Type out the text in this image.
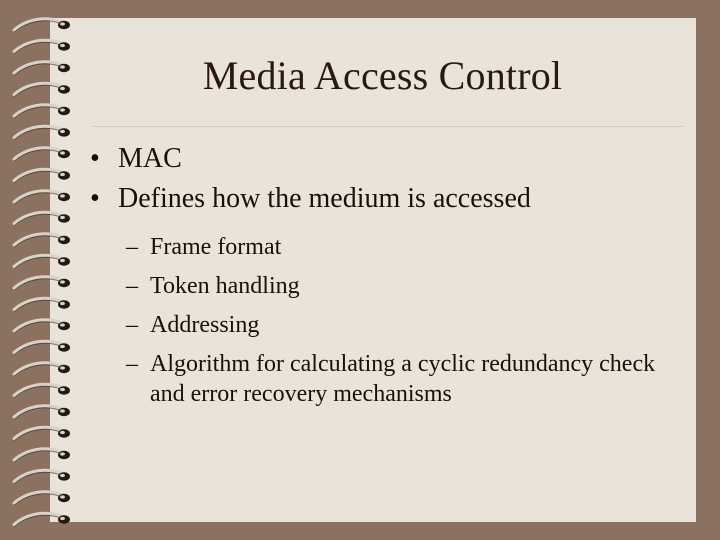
Media Access Control
• MAC
• Defines how the medium is accessed
– Frame format
– Token handling
– Addressing
– Algorithm for calculating a cyclic redundancy check and error recovery mechanisms
